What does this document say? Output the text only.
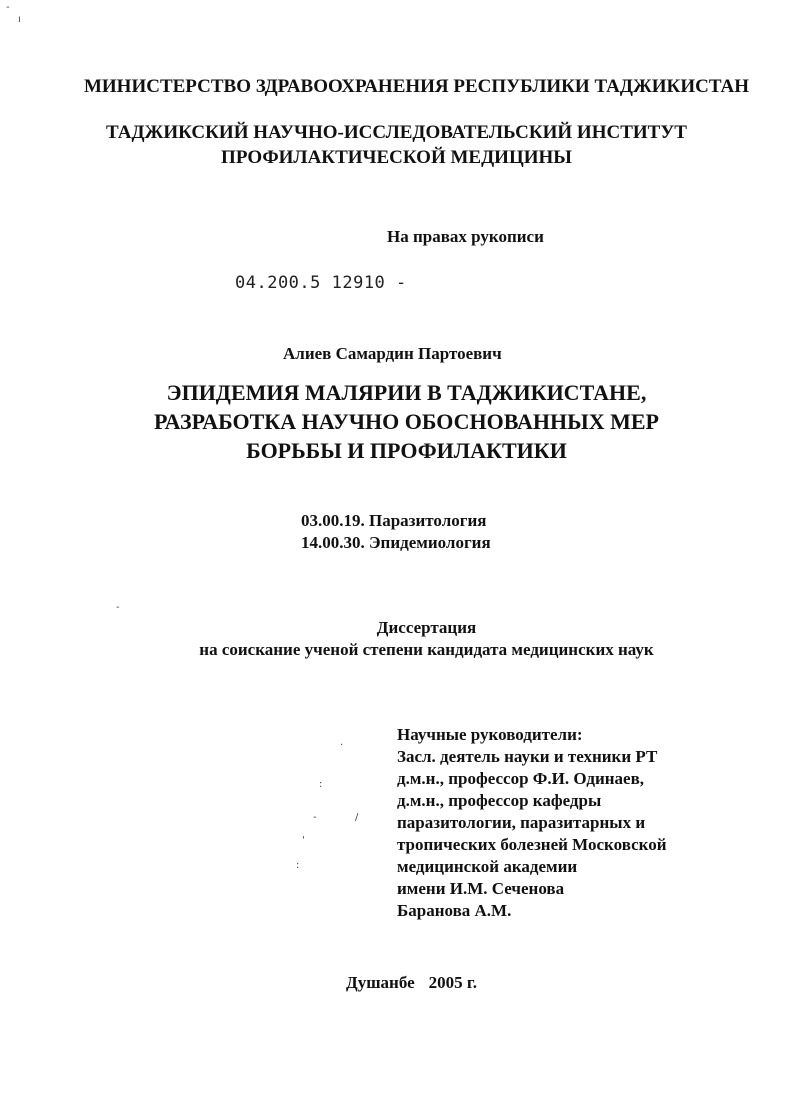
-
ı
-
.
:
-	/
'
:
МИНИСТЕРСТВО ЗДРАВООХРАНЕНИЯ РЕСПУБЛИКИ ТАДЖИКИСТАН
ТАДЖИКСКИЙ НАУЧНО-ИССЛЕДОВАТЕЛЬСКИЙ ИНСТИТУТ
ПРОФИЛАКТИЧЕСКОЙ МЕДИЦИНЫ
На правах рукописи
04.200.5 12910 -
Алиев Самардин Партоевич
ЭПИДЕМИЯ МАЛЯРИИ В ТАДЖИКИСТАНЕ,
РАЗРАБОТКА НАУЧНО ОБОСНОВАННЫХ МЕР
БОРЬБЫ И ПРОФИЛАКТИКИ
03.00.19. Паразитология
14.00.30. Эпидемиология
Диссертация
на соискание ученой степени кандидата медицинских наук
Научные руководители:
Засл. деятель науки и техники РТ
д.м.н., профессор Ф.И. Одинаев,
д.м.н., профессор кафедры
паразитологии, паразитарных и
тропических болезней Московской
медицинской академии
имени И.М. Сеченова
Баранова А.М.
Душанбе 2005 г.
